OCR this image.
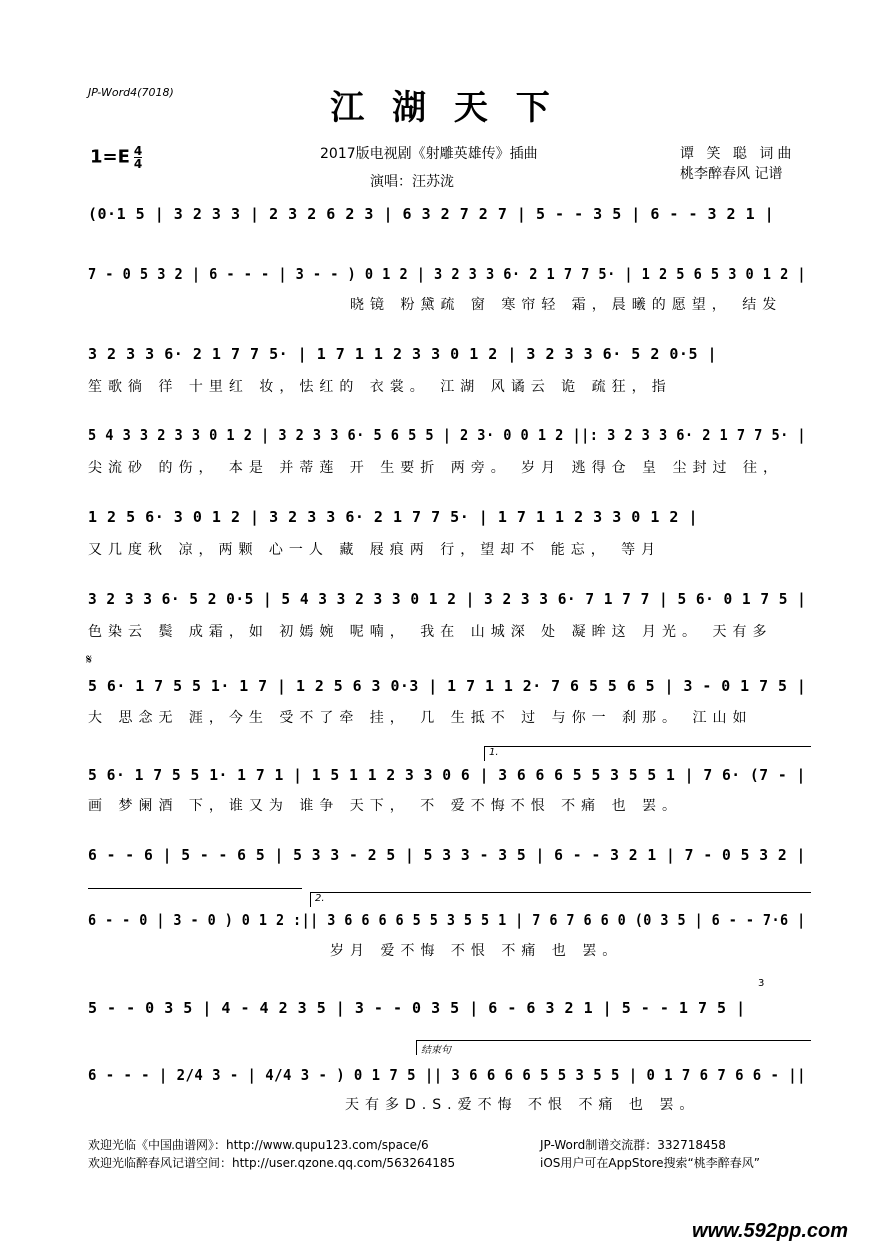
JP-Word4(7018)	江 湖 天 下
$1=E \frac{4}{4}$	2017版电视剧《射雕英雄传》插曲
演唱：汪苏泷
谭 笑 聪 词曲
桃李醉春风 记谱
(0·1 5 | 3 2 3 3 | 2 3 2 6 2 3 | 6 3 2 7 2 7 | 5 - - 3 5 | 6 - - 3 2 1 |
7 - 0 5 3 2 | 6 - - - | 3 - - ) 0 1 2 | 3 2 3 3 6· 2 1 7 7 5· | 1 2 5 6 5 3 0 1 2 |
晓镜 粉黛疏 窗 寒帘轻 霜，晨曦的愿望， 结发
3 2 3 3 6· 2 1 7 7 5· | 1 7 1 1 2 3 3 0 1 2 | 3 2 3 3 6· 5 2 0·5 |
笙歌徜 徉 十里红 妆，怯红的 衣裳。 江湖 风谲云 诡 疏狂，指
5 4 3 3 2 3 3 0 1 2 | 3 2 3 3 6· 5 6 5 5 | 2 3· 0 0 1 2 ||: 3 2 3 3 6· 2 1 7 7 5· |
尖流砂 的伤， 本是 并蒂莲 开 生要折 两旁。 岁月 逃得仓 皇 尘封过 往，
1 2 5 6· 3 0 1 2 | 3 2 3 3 6· 2 1 7 7 5· | 1 7 1 1 2 3 3 0 1 2 |
又几度秋 凉，两颗 心一人 藏 屐痕两 行，望却不 能忘， 等月
3 2 3 3 6· 5 2 0·5 | 5 4 3 3 2 3 3 0 1 2 | 3 2 3 3 6· 7 1 7 7 | 5 6· 0 1 7 5 |
色染云 鬓 成霜，如 初嫣婉 呢喃， 我在 山城深 处 凝眸这 月光。 天有多
𝄋
5 6· 1 7 5 5 1· 1 7 | 1 2 5 6 3 0·3 | 1 7 1 1 2· 7 6 5 5 6 5 | 3 - 0 1 7 5 |
大 思念无 涯，今生 受不了牵 挂， 几 生抵不 过 与你一 刹那。 江山如
1.
5 6· 1 7 5 5 1· 1 7 1 | 1 5 1 1 2 3 3 0 6 | 3 6 6 6 5 5 3 5 5 1 | 7 6· (7 - |
画 梦阑酒 下，谁又为 谁争 天下， 不 爱不悔不恨 不痛 也 罢。
6 - - 6 | 5 - - 6 5 | 5 3 3 - 2 5 | 5 3 3 - 3 5 | 6 - - 3 2 1 | 7 - 0 5 3 2 |
2.
6 - - 0 | 3 - 0 ) 0 1 2 :|| 3 6 6 6 6 5 5 3 5 5 1 | 7 6 7 6 6 0 (0 3 5 | 6 - - 7·6 |
岁月 爱不悔 不恨 不痛 也 罢。
3
5 - - 0 3 5 | 4 - 4 2 3 5 | 3 - - 0 3 5 | 6 - 6 3 2 1 | 5 - - 1 7 5 |
结束句
6 - - - | 2/4 3 - | 4/4 3 - ) 0 1 7 5 || 3 6 6 6 6 5 5 3 5 5 | 0 1 7 6 7 6 6 - ||
天有多D.S.爱不悔 不恨 不痛 也 罢。
欢迎光临《中国曲谱网》：http://www.qupu123.com/space/6
欢迎光临醉春风记谱空间：http://user.qzone.qq.com/563264185
JP-Word制谱交流群：332718458
iOS用户可在AppStore搜索“桃李醉春风”
www.592pp.com
